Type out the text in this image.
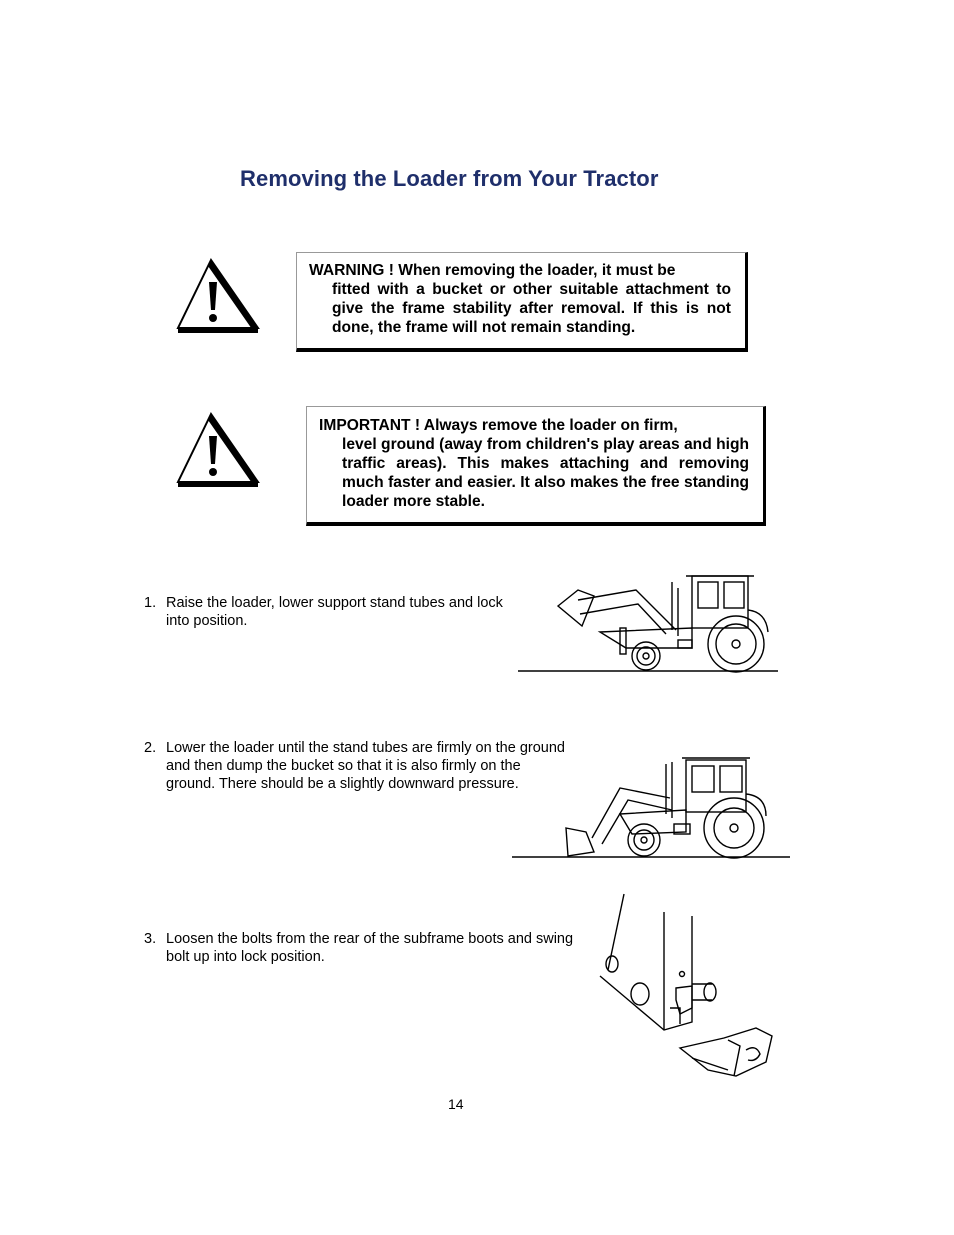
Removing the Loader from Your Tractor
WARNING ! When removing the loader, it must be
fitted with a bucket or other suitable attachment to give the frame stability after removal. If this is not done, the frame will not remain standing.
IMPORTANT ! Always remove the loader on firm,
level ground (away from children's play areas and high traffic areas). This makes attaching and removing much faster and easier. It also makes the free standing loader more stable.
1. Raise the loader, lower support stand tubes and lock into position.
2. Lower the loader until the stand tubes are firmly on the ground and then dump the bucket so that it is also firmly on the ground. There should be a slightly downward pressure.
3. Loosen the bolts from the rear of the subframe boots and swing bolt up into lock position.
14
